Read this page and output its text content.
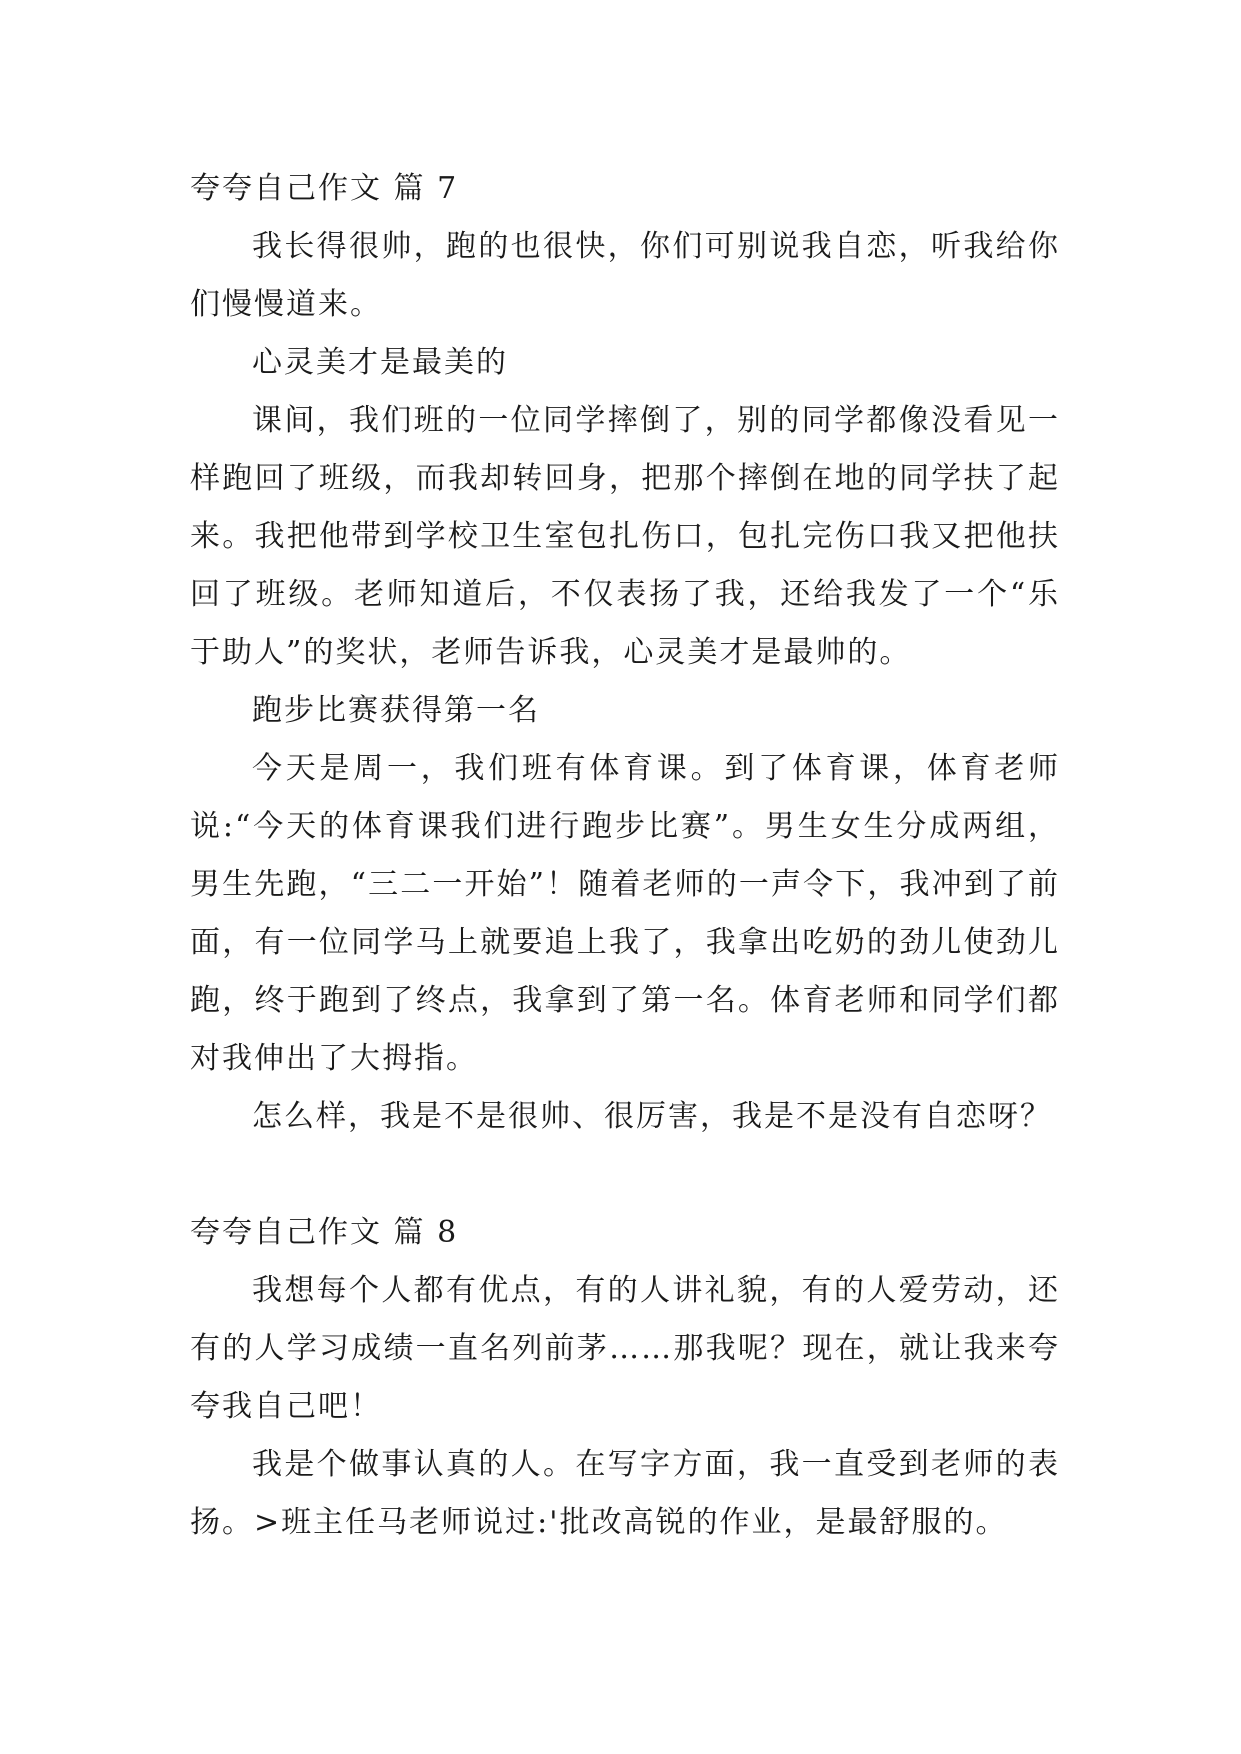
夸夸自己作文 篇 7

我长得很帅，跑的也很快，你们可别说我自恋，听我给你们慢慢道来。

心灵美才是最美的

课间，我们班的一位同学摔倒了，别的同学都像没看见一样跑回了班级，而我却转回身，把那个摔倒在地的同学扶了起来。我把他带到学校卫生室包扎伤口，包扎完伤口我又把他扶回了班级。老师知道后，不仅表扬了我，还给我发了一个“乐于助人”的奖状，老师告诉我，心灵美才是最帅的。

跑步比赛获得第一名

今天是周一，我们班有体育课。到了体育课，体育老师说:“今天的体育课我们进行跑步比赛”。男生女生分成两组，男生先跑，“三二一开始”！随着老师的一声令下，我冲到了前面，有一位同学马上就要追上我了，我拿出吃奶的劲儿使劲儿跑，终于跑到了终点，我拿到了第一名。体育老师和同学们都对我伸出了大拇指。

怎么样，我是不是很帅、很厉害，我是不是没有自恋呀？

夸夸自己作文 篇 8

我想每个人都有优点，有的人讲礼貌，有的人爱劳动，还有的人学习成绩一直名列前茅……那我呢？现在，就让我来夸夸我自己吧！

我是个做事认真的人。在写字方面，我一直受到老师的表扬。>班主任马老师说过:'批改高锐的作业，是最舒服的。
